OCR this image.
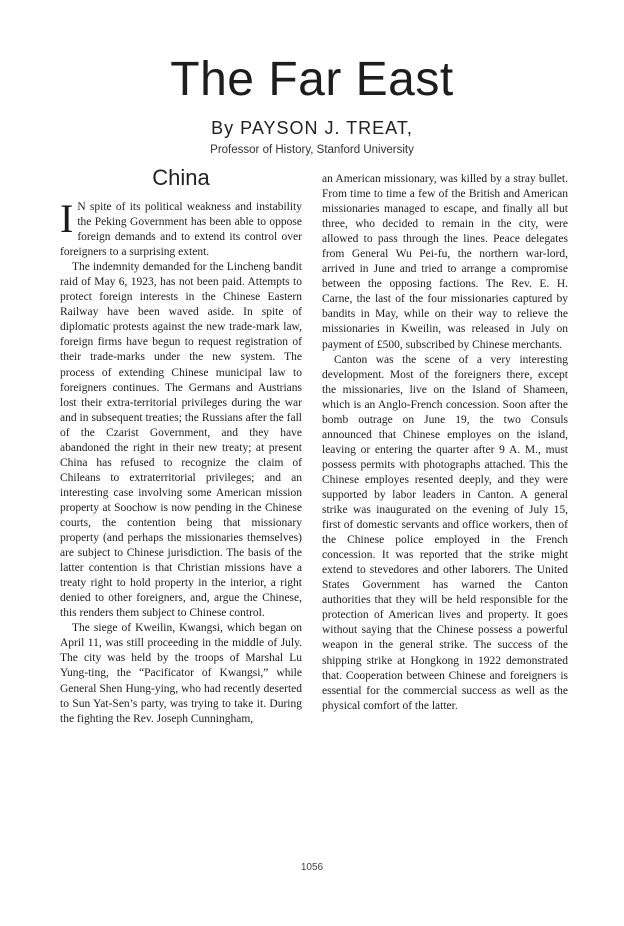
The Far East
By PAYSON J. TREAT,
Professor of History, Stanford University
China

I N spite of its political weakness and instability the Peking Government has been able to oppose foreign demands and to extend its control over foreigners to a surprising extent.

The indemnity demanded for the Lincheng bandit raid of May 6, 1923, has not been paid. Attempts to protect foreign interests in the Chinese Eastern Railway have been waved aside. In spite of diplomatic protests against the new trade-mark law, foreign firms have begun to request registration of their trade-marks under the new system. The process of extending Chinese municipal law to foreigners continues. The Germans and Austrians lost their extra-territorial privileges during the war and in subsequent treaties; the Russians after the fall of the Czarist Government, and they have abandoned the right in their new treaty; at present China has refused to recognize the claim of Chileans to extraterritorial privileges; and an interesting case involving some American mission property at Soochow is now pending in the Chinese courts, the contention being that missionary property (and perhaps the missionaries themselves) are subject to Chinese jurisdiction. The basis of the latter contention is that Christian missions have a treaty right to hold property in the interior, a right denied to other foreigners, and, argue the Chinese, this renders them subject to Chinese control.

The siege of Kweilin, Kwangsi, which began on April 11, was still proceeding in the middle of July. The city was held by the troops of Marshal Lu Yung-ting, the “Pacificator of Kwangsi,” while General Shen Hung-ying, who had recently deserted to Sun Yat-Sen’s party, was trying to take it. During the fighting the Rev. Joseph Cunningham,

an American missionary, was killed by a stray bullet. From time to time a few of the British and American missionaries managed to escape, and finally all but three, who decided to remain in the city, were allowed to pass through the lines. Peace delegates from General Wu Pei-fu, the northern war-lord, arrived in June and tried to arrange a compromise between the opposing factions. The Rev. E. H. Carne, the last of the four missionaries captured by bandits in May, while on their way to relieve the missionaries in Kweilin, was released in July on payment of £500, subscribed by Chinese merchants.

Canton was the scene of a very interesting development. Most of the foreigners there, except the missionaries, live on the Island of Shameen, which is an Anglo-French concession. Soon after the bomb outrage on June 19, the two Consuls announced that Chinese employes on the island, leaving or entering the quarter after 9 A. M., must possess permits with photographs attached. This the Chinese employes resented deeply, and they were supported by labor leaders in Canton. A general strike was inaugurated on the evening of July 15, first of domestic servants and office workers, then of the Chinese police employed in the French concession. It was reported that the strike might extend to stevedores and other laborers. The United States Government has warned the Canton authorities that they will be held responsible for the protection of American lives and property. It goes without saying that the Chinese possess a powerful weapon in the general strike. The success of the shipping strike at Hongkong in 1922 demonstrated that. Cooperation between Chinese and foreigners is essential for the commercial success as well as the physical comfort of the latter.

1056
